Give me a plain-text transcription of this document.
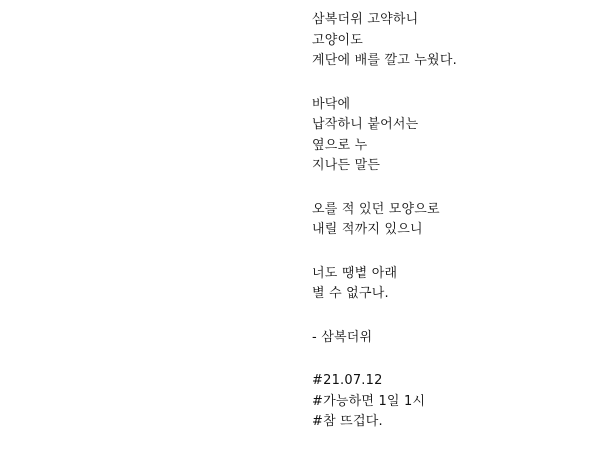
삼복더위 고약하니
고양이도
계단에 배를 깔고 누웠다.
바닥에
납작하니 붙어서는
옆으로 누
지나든 말든
오를 적 있던 모양으로
내릴 적까지 있으니
너도 땡볕 아래
별 수 없구나.
- 삼복더위
#21.07.12
#가능하면 1일 1시
#참 뜨겁다.
